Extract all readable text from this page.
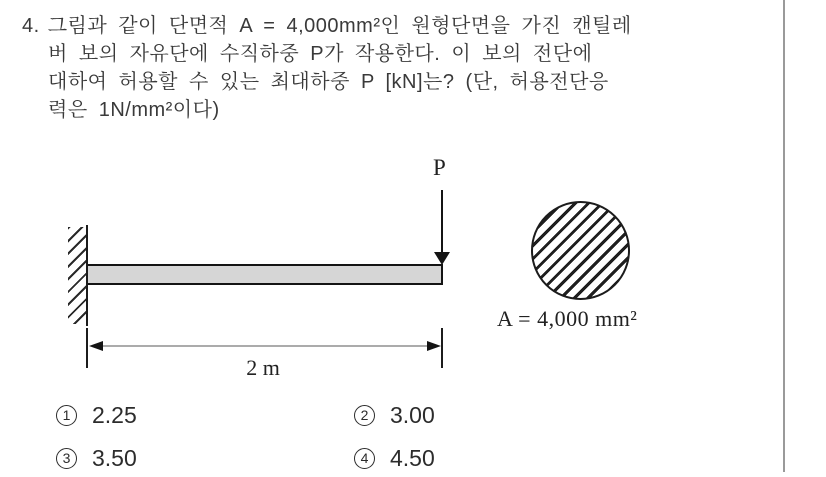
4. 그림과 같이 단면적 A = 4,000mm²인 원형단면을 가진 캔틸레
버 보의 자유단에 수직하중 P가 작용한다. 이 보의 전단에
대하여 허용할 수 있는 최대하중 P [kN]는? (단, 허용전단응
력은 1N/mm²이다)
P
2 m
A = 4,000 mm²
1 2.25	2 3.00
3 3.50	4 4.50
